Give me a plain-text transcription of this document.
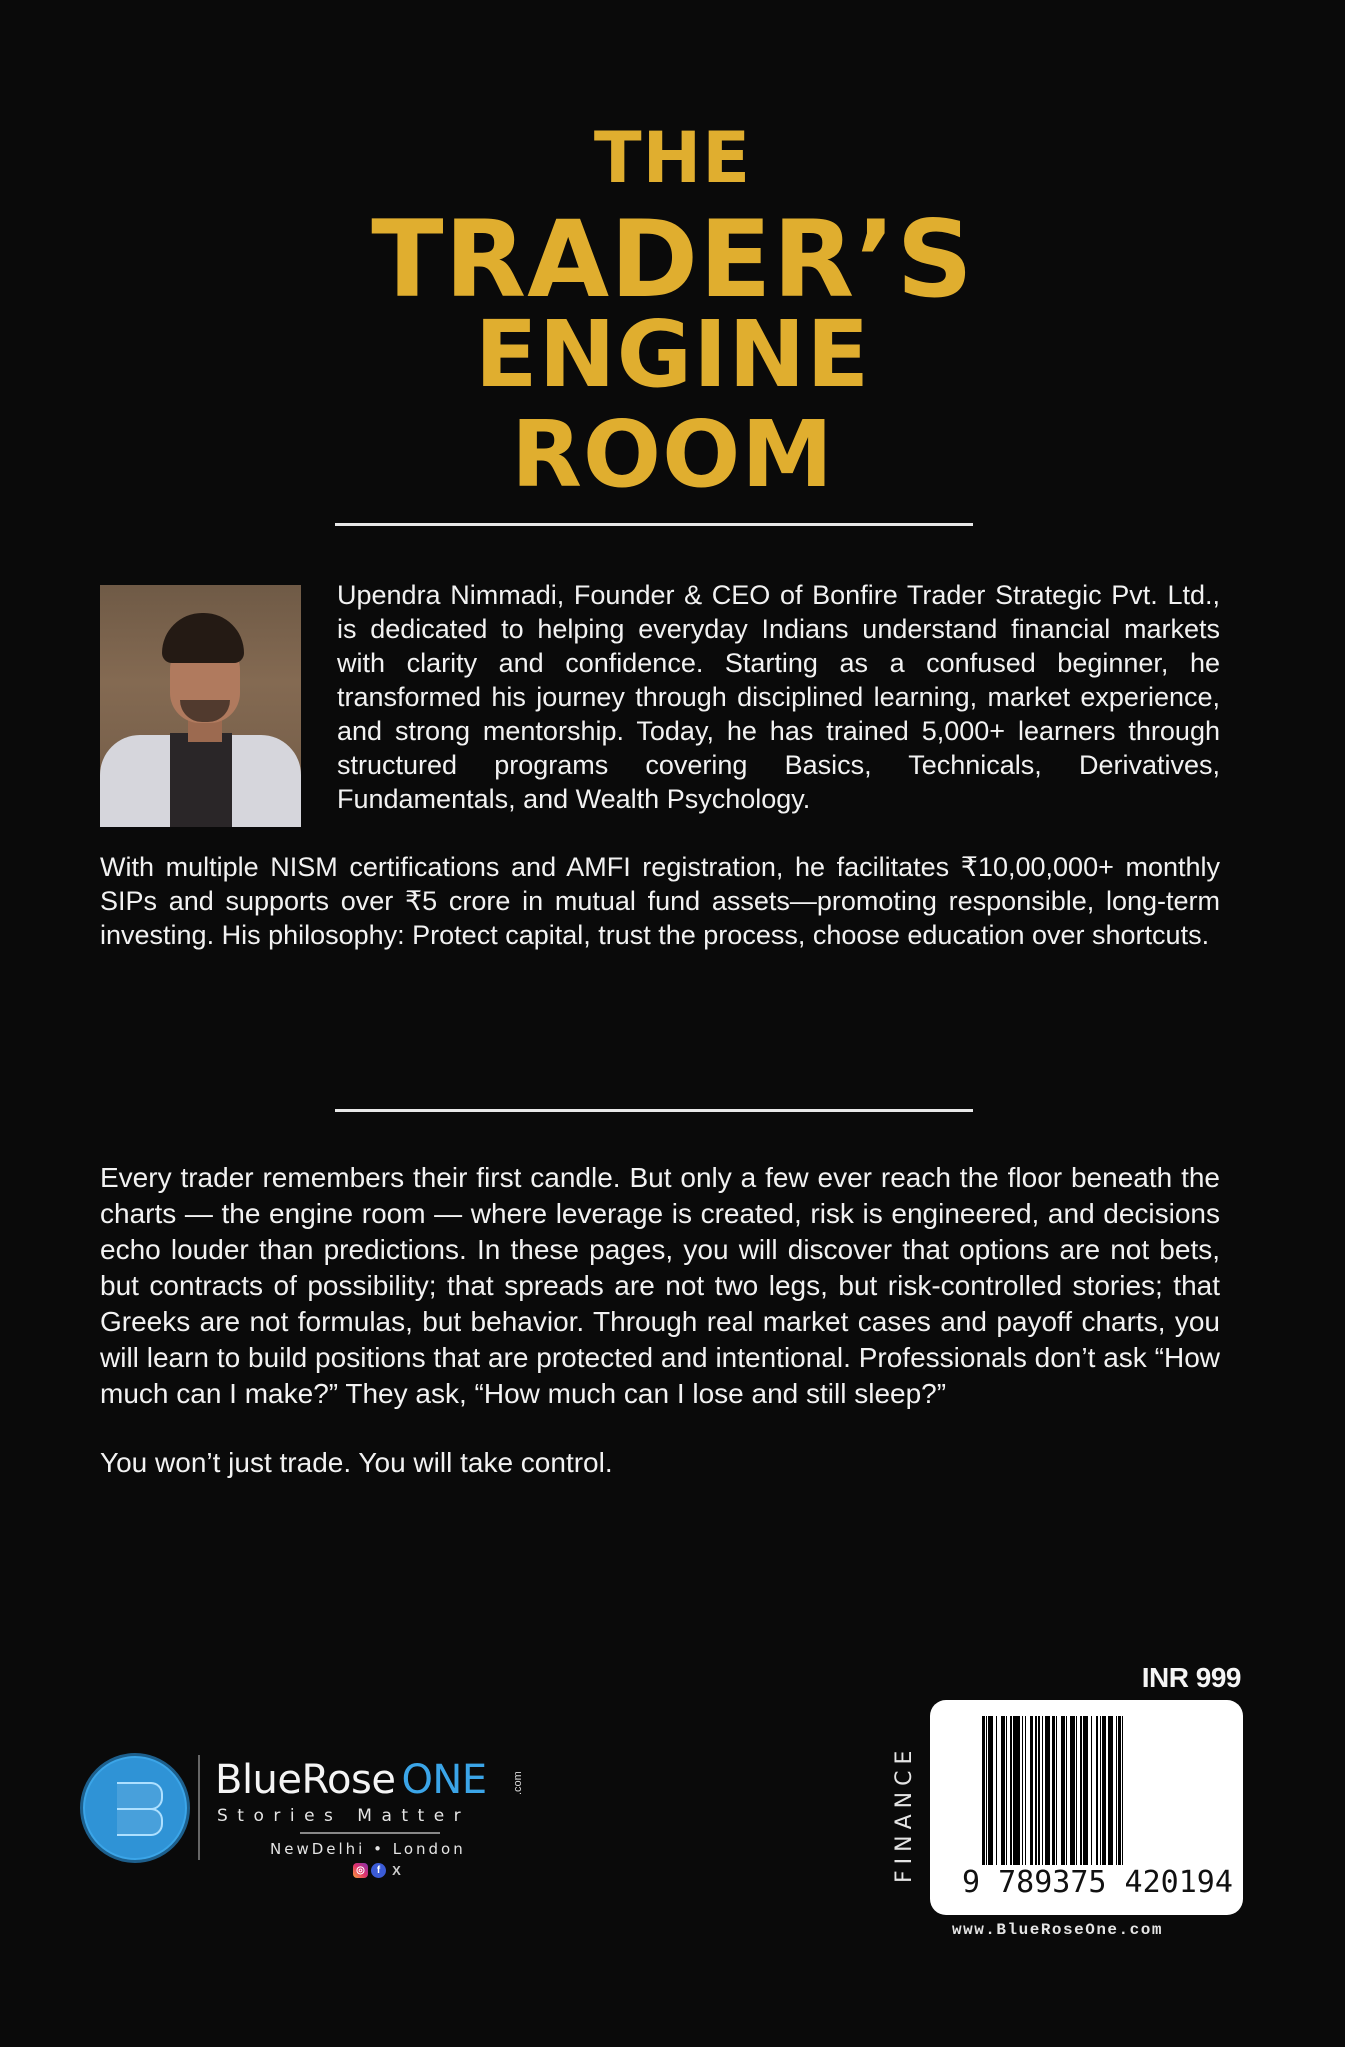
THE
TRADER’S
ENGINE
ROOM
Upendra Nimmadi, Founder & CEO of Bonfire Trader Strategic Pvt. Ltd., is dedicated to helping everyday Indians understand financial markets with clarity and confidence. Starting as a confused beginner, he transformed his journey through disciplined learning, market experience, and strong mentorship. Today, he has trained 5,000+ learners through structured programs covering Basics, Technicals, Derivatives, Fundamentals, and Wealth Psychology.
With multiple NISM certifications and AMFI registration, he facilitates ₹10,00,000+ monthly SIPs and supports over ₹5 crore in mutual fund assets—promoting responsible, long-term investing. His philosophy: Protect capital, trust the process, choose education over shortcuts.
Every trader remembers their first candle. But only a few ever reach the floor beneath the charts — the engine room — where leverage is created, risk is engineered, and decisions echo louder than predictions. In these pages, you will discover that options are not bets, but contracts of possibility; that spreads are not two legs, but risk-controlled stories; that Greeks are not formulas, but behavior. Through real market cases and payoff charts, you will learn to build positions that are protected and intentional. Professionals don’t ask “How much can I make?” They ask, “How much can I lose and still sleep?”
You won’t just trade. You will take control.
BlueRose ONE .com
Stories Matter
NewDelhi • London
◎	f X
INR 999
FINANCE 9 789375 420194
www.BlueRoseOne.com
